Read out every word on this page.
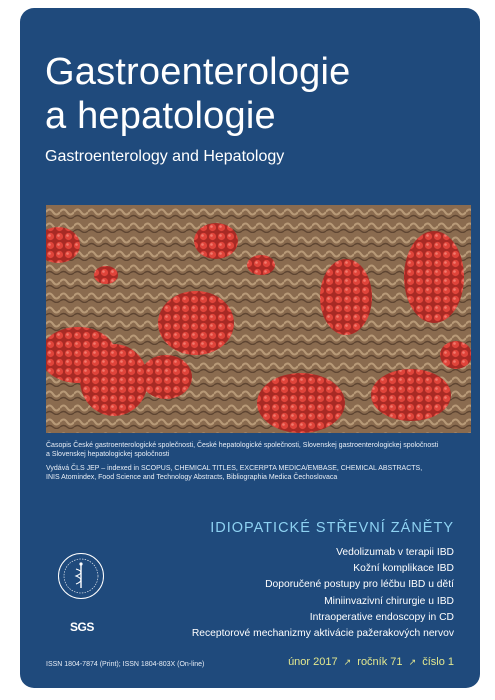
Gastroenterologie
a hepatologie
Gastroenterology and Hepatology
Časopis České gastroenterologické společnosti, České hepatologické společnosti, Slovenskej gastroenterologickej spoločnosti
a Slovenskej hepatologickej spoločnosti
Vydává ČLS JEP – indexed in SCOPUS, CHEMICAL TITLES, EXCERPTA MEDICA/EMBASE, CHEMICAL ABSTRACTS,
INIS Atomindex, Food Science and Technology Abstracts, Bibliographia Medica Čechoslovaca
IDIOPATICKÉ STŘEVNÍ ZÁNĚTY
Vedolizumab v terapii IBD
Kožní komplikace IBD
Doporučené postupy pro léčbu IBD u dětí
Miniinvazivní chirurgie u IBD
Intraoperative endoscopy in CD
Receptorové mechanizmy aktivácie pažerakových nervov
SGS
ISSN 1804-7874 (Print); ISSN 1804-803X (On-line)	únor 2017 ↗ ročník 71 ↗ číslo 1
